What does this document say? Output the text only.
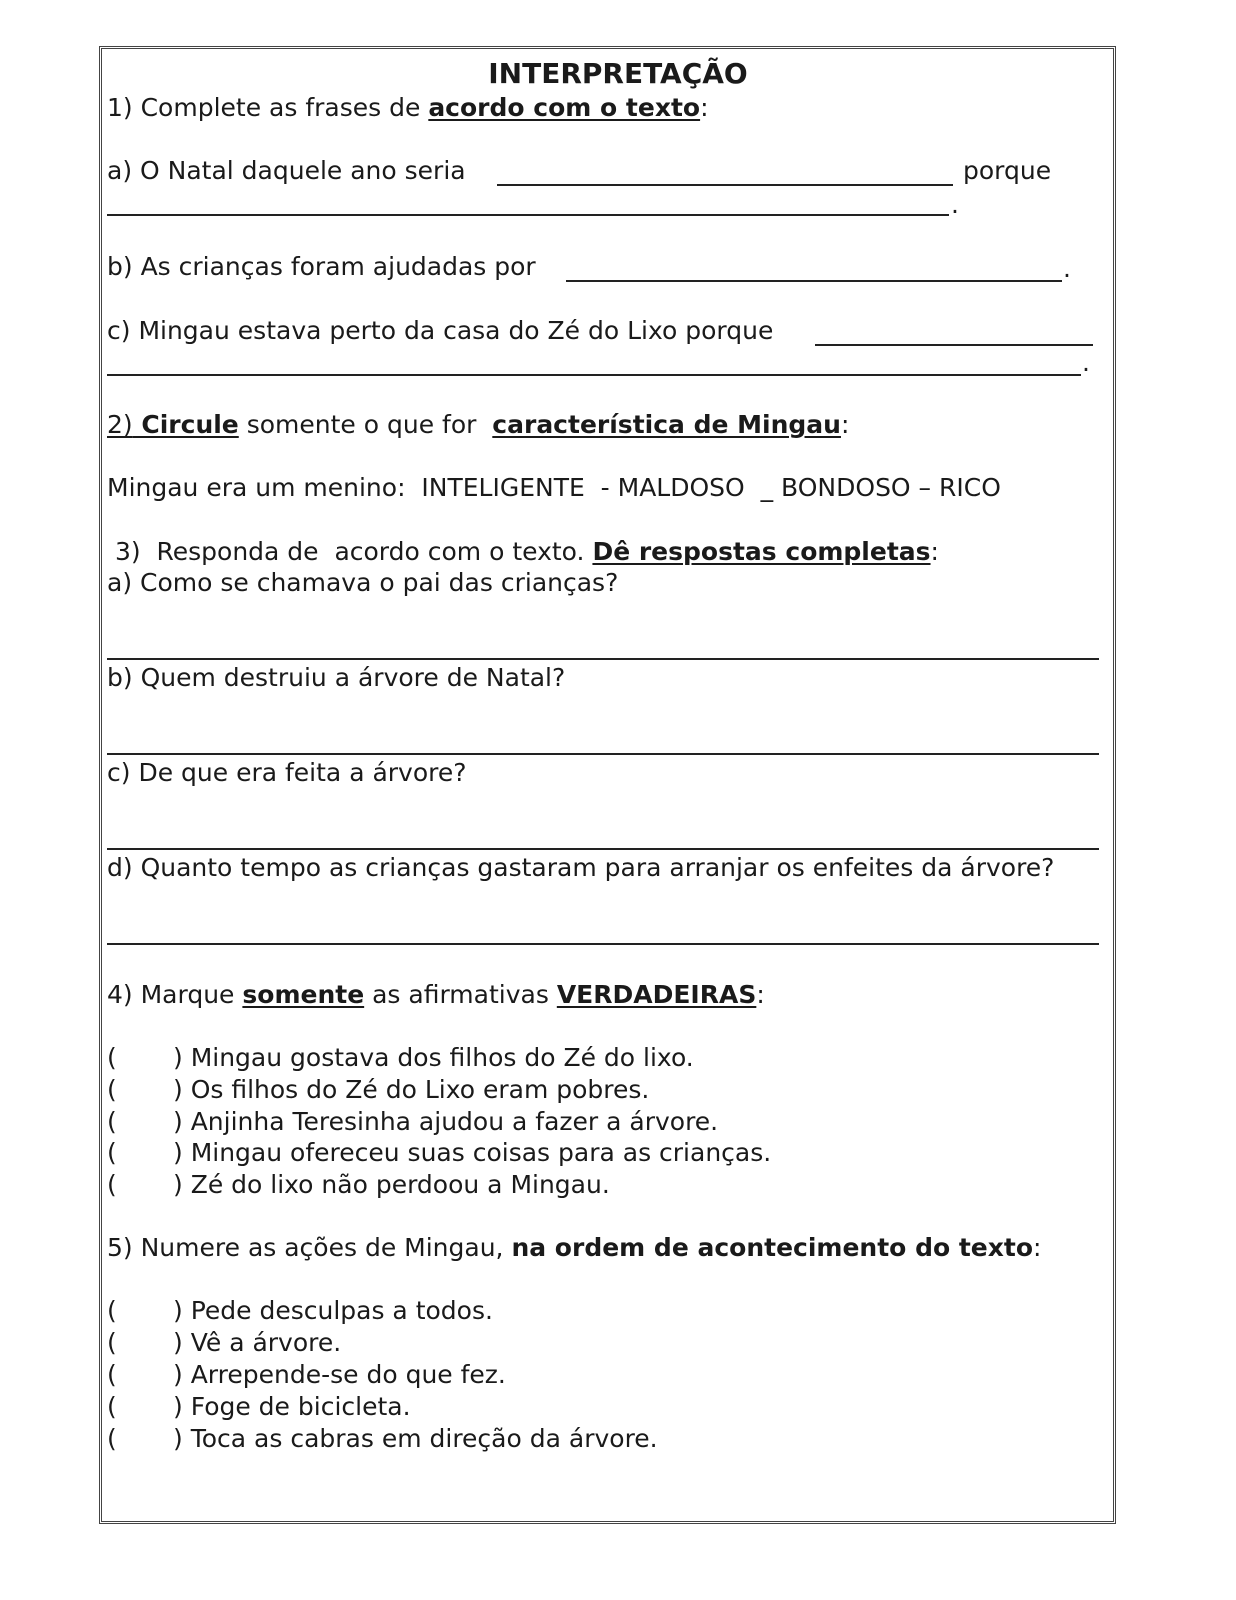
INTERPRETAÇÃO
1) Complete as frases de acordo com o texto:
a) O Natal daquele ano seria	porque
.
b) As crianças foram ajudadas por	.
c) Mingau estava perto da casa do Zé do Lixo porque
.
2) Circule somente o que for  característica de Mingau:
Mingau era um menino:  INTELIGENTE  - MALDOSO  _ BONDOSO – RICO
3)  Responda de  acordo com o texto. Dê respostas completas:
a) Como se chamava o pai das crianças?
b) Quem destruiu a árvore de Natal?
c) De que era feita a árvore?
d) Quanto tempo as crianças gastaram para arranjar os enfeites da árvore?
4) Marque somente as afirmativas VERDADEIRAS:
( ) Mingau gostava dos filhos do Zé do lixo.
( ) Os filhos do Zé do Lixo eram pobres.
( ) Anjinha Teresinha ajudou a fazer a árvore.
( ) Mingau ofereceu suas coisas para as crianças.
( ) Zé do lixo não perdoou a Mingau.
5) Numere as ações de Mingau, na ordem de acontecimento do texto:
( ) Pede desculpas a todos.
( ) Vê a árvore.
( ) Arrepende-se do que fez.
( ) Foge de bicicleta.
( ) Toca as cabras em direção da árvore.
